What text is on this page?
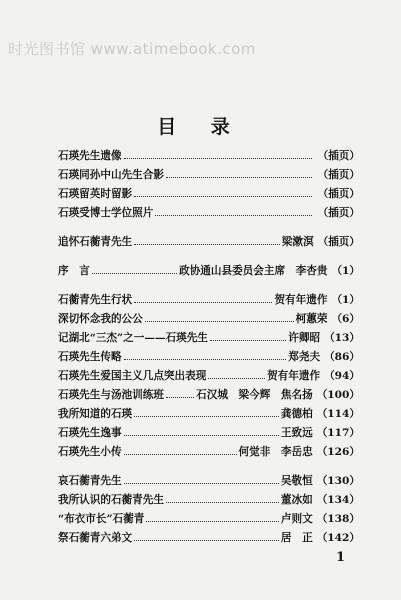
时光图书馆 www.atimebook.com
目 录
石瑛先生遗像	（插页）
石瑛同孙中山先生合影	（插页）
石瑛留英时留影	（插页）
石瑛受博士学位照片	（插页）
追怀石蘅青先生	梁漱溟 （插页）
序　言	政协通山县委员会主席　李杏贵 （1）
石蘅青先生行状	贺有年遗作 （1）
深切怀念我的公公	柯蕙荣 （6）
记湖北“三杰”之一——石瑛先生	许卿昭 （13）
石瑛先生传略	郑尧夫 （86）
石瑛先生爱国主义几点突出表现	贺有年遗作 （94）
石瑛先生与汤池训练班	石汉城　梁今辉　焦名扬 （100）
我所知道的石瑛	龚德柏 （114）
石瑛先生逸事	王致远 （117）
石瑛先生小传	何觉非　李岳忠 （126）
哀石蘅青先生	吴敬恒 （130）
我所认识的石蘅青先生	董冰如 （134）
“布衣市长”石蘅青	卢则文 （138）
祭石蘅青六弟文	居　正 （142）
1
